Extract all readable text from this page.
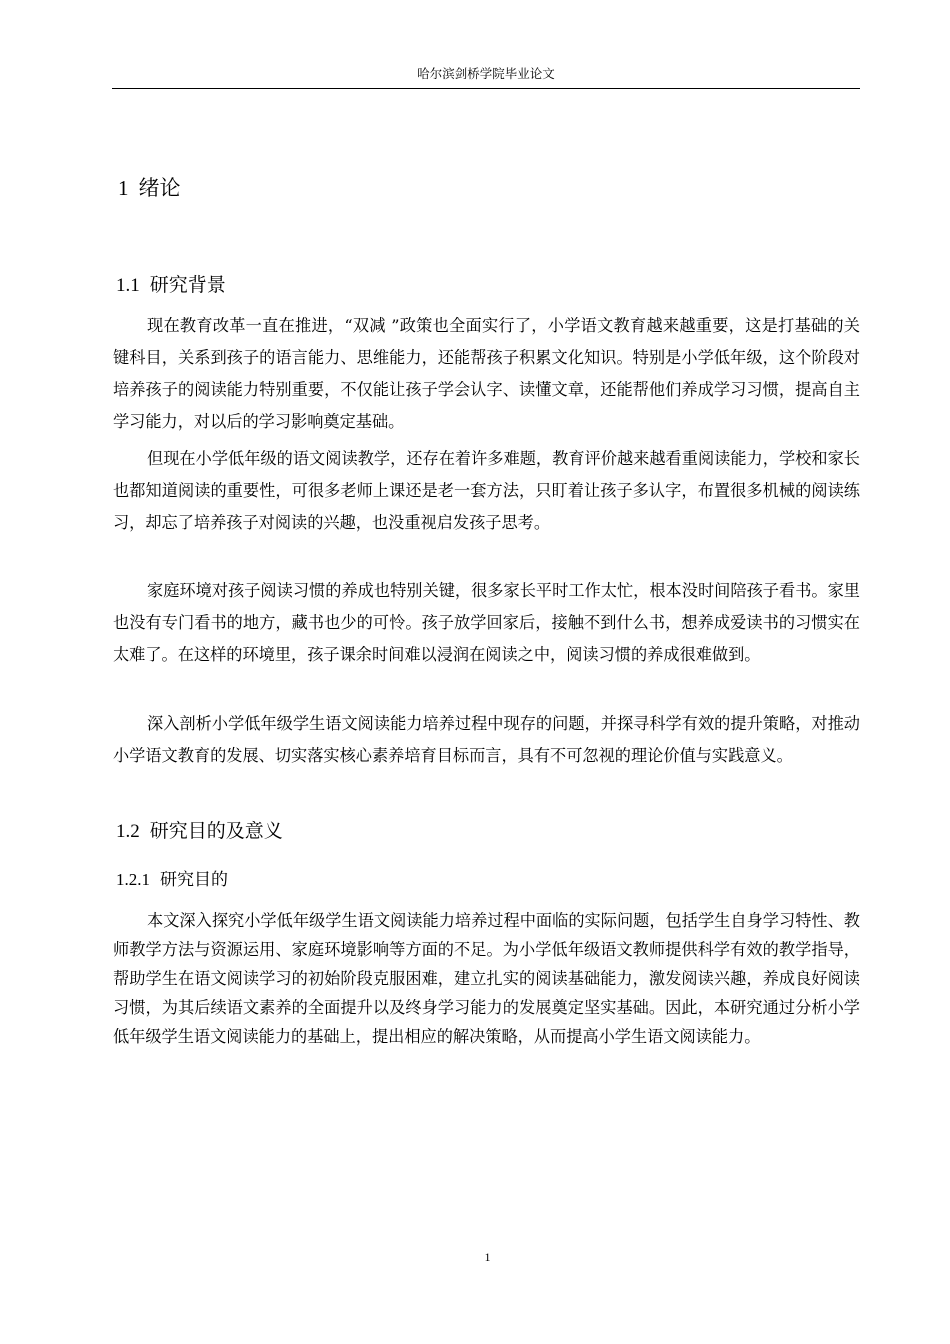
哈尔滨剑桥学院毕业论文
1 绪论
1.1 研究背景

现在教育改革一直在推进，“双减 ”政策也全面实行了，小学语文教育越来越重要，这是打基础的关键科目，关系到孩子的语言能力、思维能力，还能帮孩子积累文化知识。特别是小学低年级，这个阶段对培养孩子的阅读能力特别重要，不仅能让孩子学会认字、读懂文章，还能帮他们养成学习习惯，提高自主学习能力，对以后的学习影响奠定基础。

但现在小学低年级的语文阅读教学，还存在着许多难题，教育评价越来越看重阅读能力，学校和家长也都知道阅读的重要性，可很多老师上课还是老一套方法，只盯着让孩子多认字，布置很多机械的阅读练习，却忘了培养孩子对阅读的兴趣，也没重视启发孩子思考。

家庭环境对孩子阅读习惯的养成也特别关键，很多家长平时工作太忙，根本没时间陪孩子看书。家里也没有专门看书的地方，藏书也少的可怜。孩子放学回家后，接触不到什么书，想养成爱读书的习惯实在太难了。在这样的环境里，孩子课余时间难以浸润在阅读之中，阅读习惯的养成很难做到。

深入剖析小学低年级学生语文阅读能力培养过程中现存的问题，并探寻科学有效的提升策略，对推动小学语文教育的发展、切实落实核心素养培育目标而言，具有不可忽视的理论价值与实践意义。

1.2 研究目的及意义
1.2.1 研究目的

本文深入探究小学低年级学生语文阅读能力培养过程中面临的实际问题，包括学生自身学习特性、教师教学方法与资源运用、家庭环境影响等方面的不足。为小学低年级语文教师提供科学有效的教学指导，帮助学生在语文阅读学习的初始阶段克服困难，建立扎实的阅读基础能力，激发阅读兴趣，养成良好阅读习惯，为其后续语文素养的全面提升以及终身学习能力的发展奠定坚实基础。因此，本研究通过分析小学低年级学生语文阅读能力的基础上，提出相应的解决策略，从而提高小学生语文阅读能力。

1
